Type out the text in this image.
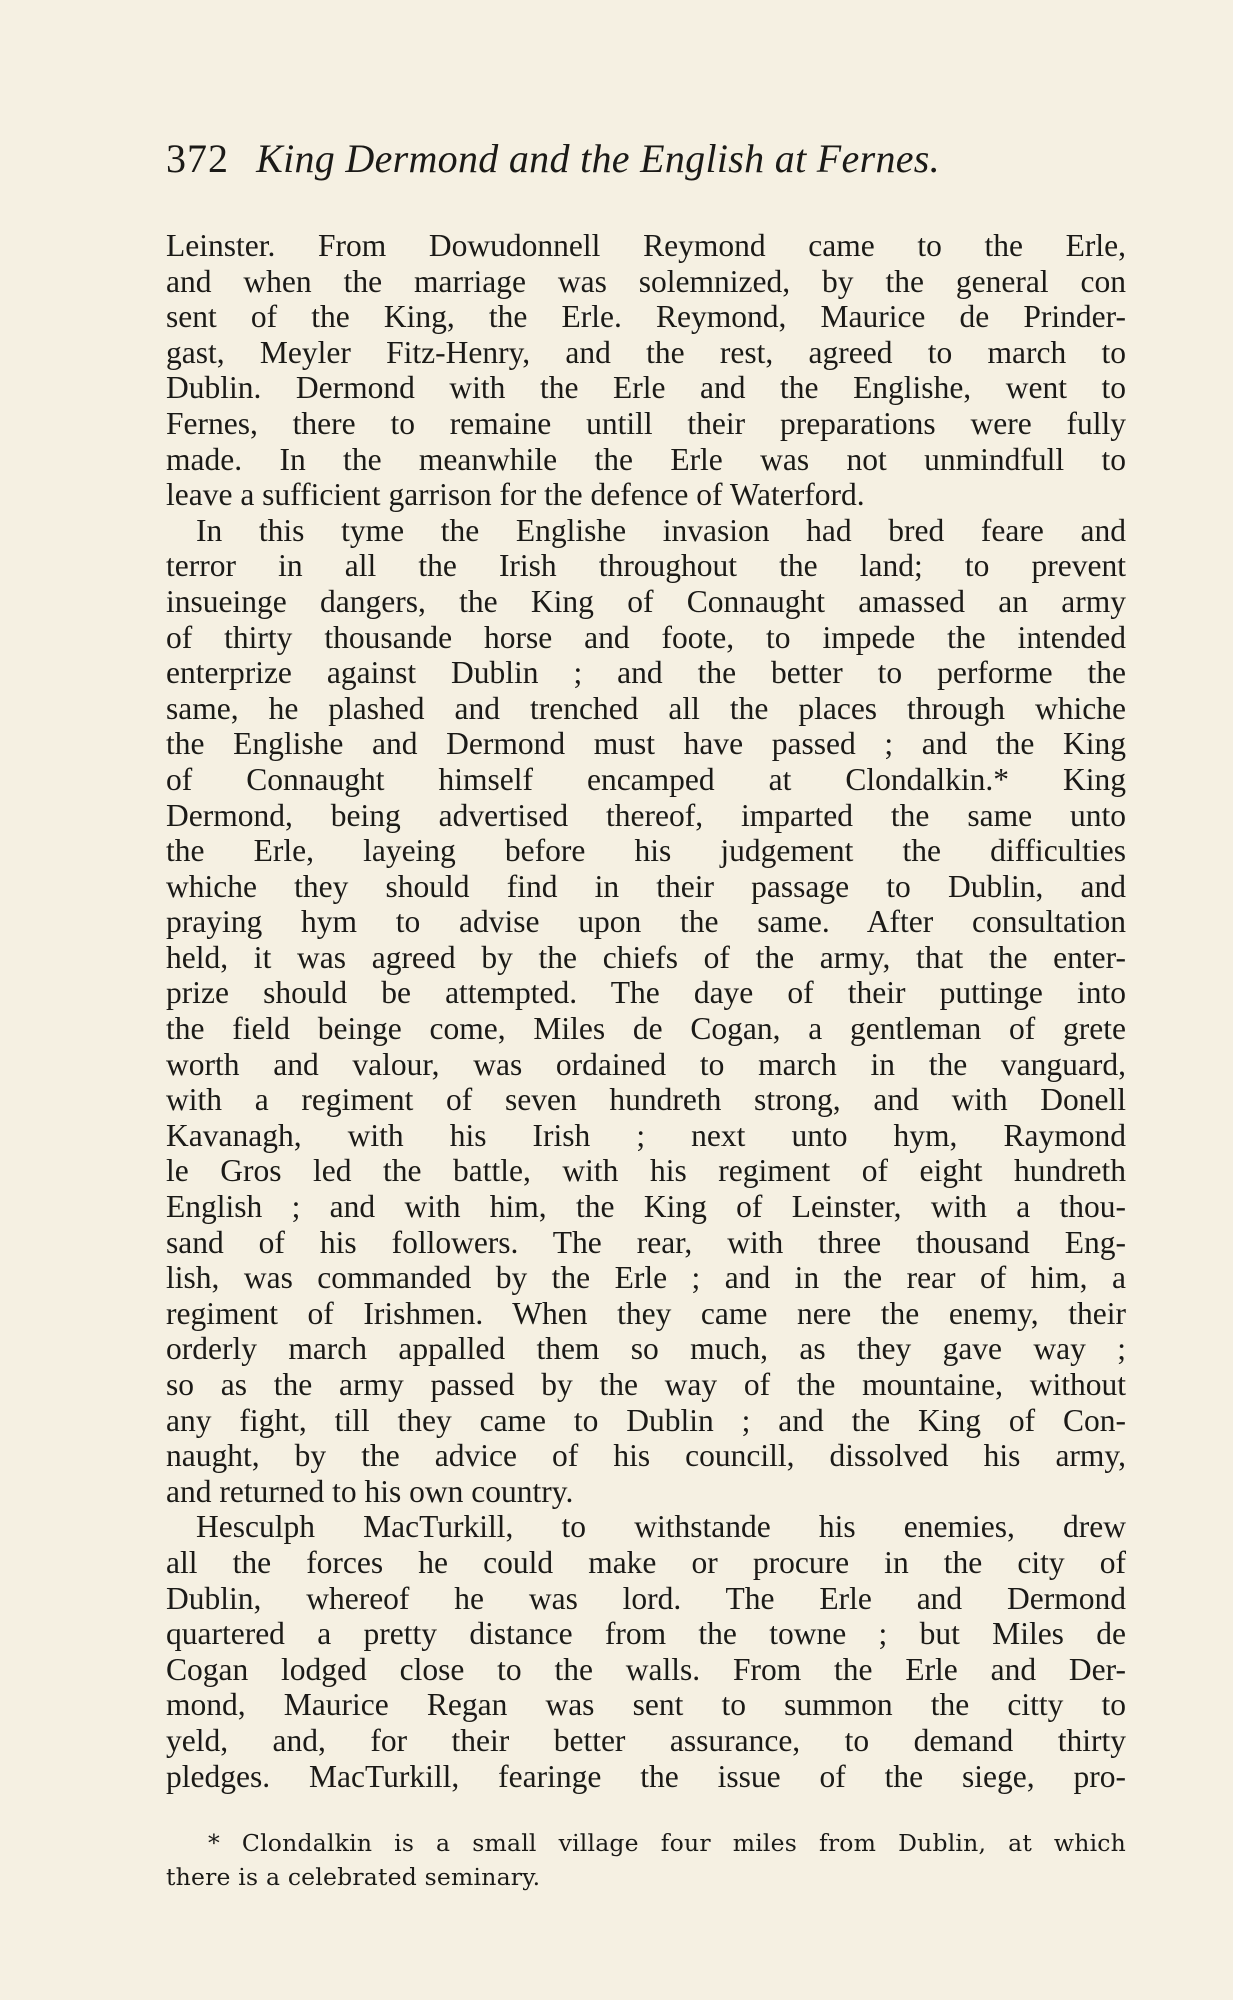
372 King Dermond and the English at Fernes.
Leinster. From Dowudonnell Reymond came to the Erle,
and when the marriage was solemnized, by the general con
sent of the King, the Erle. Reymond, Maurice de Prinder-
gast, Meyler Fitz-Henry, and the rest, agreed to march to
Dublin. Dermond with the Erle and the Englishe, went to
Fernes, there to remaine untill their preparations were fully
made. In the meanwhile the Erle was not unmindfull to
leave a sufficient garrison for the defence of Waterford.
In this tyme the Englishe invasion had bred feare and
terror in all the Irish throughout the land; to prevent
insueinge dangers, the King of Connaught amassed an army
of thirty thousande horse and foote, to impede the intended
enterprize against Dublin ; and the better to performe the
same, he plashed and trenched all the places through whiche
the Englishe and Dermond must have passed ; and the King
of Connaught himself encamped at Clondalkin.* King
Dermond, being advertised thereof, imparted the same unto
the Erle, layeing before his judgement the difficulties
whiche they should find in their passage to Dublin, and
praying hym to advise upon the same. After consultation
held, it was agreed by the chiefs of the army, that the enter-
prize should be attempted. The daye of their puttinge into
the field beinge come, Miles de Cogan, a gentleman of grete
worth and valour, was ordained to march in the vanguard,
with a regiment of seven hundreth strong, and with Donell
Kavanagh, with his Irish ; next unto hym, Raymond
le Gros led the battle, with his regiment of eight hundreth
English ; and with him, the King of Leinster, with a thou-
sand of his followers. The rear, with three thousand Eng-
lish, was commanded by the Erle ; and in the rear of him, a
regiment of Irishmen. When they came nere the enemy, their
orderly march appalled them so much, as they gave way ;
so as the army passed by the way of the mountaine, without
any fight, till they came to Dublin ; and the King of Con-
naught, by the advice of his councill, dissolved his army,
and returned to his own country.
Hesculph MacTurkill, to withstande his enemies, drew
all the forces he could make or procure in the city of
Dublin, whereof he was lord. The Erle and Dermond
quartered a pretty distance from the towne ; but Miles de
Cogan lodged close to the walls. From the Erle and Der-
mond, Maurice Regan was sent to summon the citty to
yeld, and, for their better assurance, to demand thirty
pledges. MacTurkill, fearinge the issue of the siege, pro-
* Clondalkin is a small village four miles from Dublin, at which
there is a celebrated seminary.
